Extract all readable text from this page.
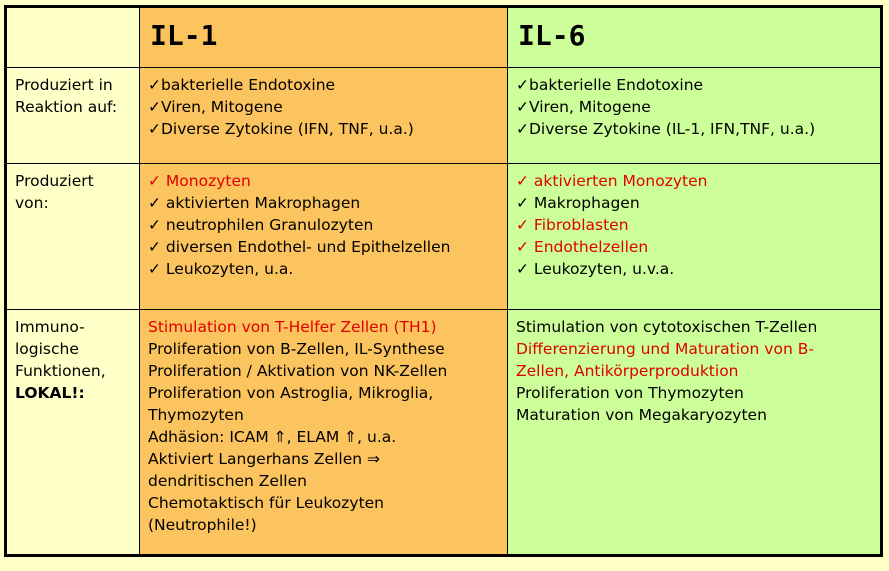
IL-1	IL-6
Produziert in
Reaktion auf:
✓bakterielle Endotoxine
✓Viren, Mitogene
✓Diverse Zytokine (IFN, TNF, u.a.)
✓bakterielle Endotoxine
✓Viren, Mitogene
✓Diverse Zytokine (IL-1, IFN,TNF, u.a.)
Produziert
von:
✓ Monozyten
✓ aktivierten Makrophagen
✓ neutrophilen Granulozyten
✓ diversen Endothel- und Epithelzellen
✓ Leukozyten, u.a.
✓ aktivierten Monozyten
✓ Makrophagen
✓ Fibroblasten
✓ Endothelzellen
✓ Leukozyten, u.v.a.
Immuno-
logische
Funktionen,
LOKAL!:
Stimulation von T-Helfer Zellen (TH1)
Proliferation von B-Zellen, IL-Synthese
Proliferation / Aktivation von NK-Zellen
Proliferation von Astroglia, Mikroglia,
Thymozyten
Adhäsion: ICAM ⇑, ELAM ⇑, u.a.
Aktiviert Langerhans Zellen ⇒
dendritischen Zellen
Chemotaktisch für Leukozyten
(Neutrophile!)
Stimulation von cytotoxischen T-Zellen
Differenzierung und Maturation von B-
Zellen, Antikörperproduktion
Proliferation von Thymozyten
Maturation von Megakaryozyten
